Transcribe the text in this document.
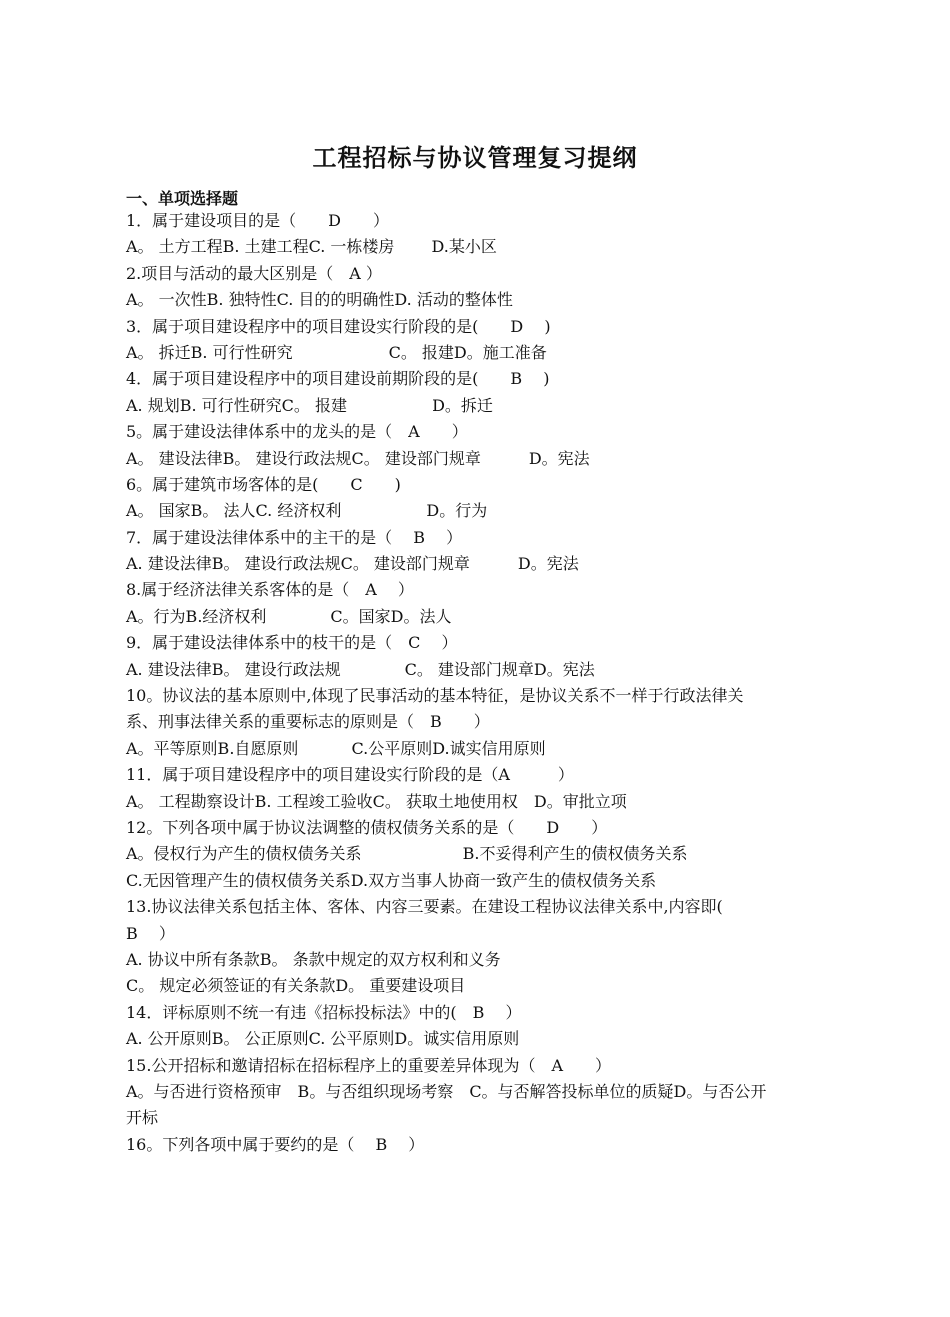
工程招标与协议管理复习提纲
一、单项选择题
1．属于建设项目的是（　　D　　）
A。 土方工程B. 土建工程C. 一栋楼房　　 D.某小区
2.项目与活动的最大区别是（　A ）
A。 一次性B. 独特性C. 目的的明确性D. 活动的整体性
3．属于项目建设程序中的项目建设实行阶段的是(　　D　 )
A。 拆迁B. 可行性研究　　　　　　C。 报建D。施工准备
4．属于项目建设程序中的项目建设前期阶段的是(　　B　 )
A. 规划B. 可行性研究C。 报建　　　　　 D。拆迁
5。属于建设法律体系中的龙头的是（　A　　）
A。 建设法律B。 建设行政法规C。 建设部门规章　　　D。宪法
6。属于建筑市场客体的是(　　C　　)
A。 国家B。 法人C. 经济权利　　　　　 D。行为
7．属于建设法律体系中的主干的是（　 B　 ）
A. 建设法律B。 建设行政法规C。 建设部门规章　　　D。宪法
8.属于经济法律关系客体的是（　A　 ）
A。行为B.经济权利　　　　C。国家D。法人
9．属于建设法律体系中的枝干的是（　C　 ）
A. 建设法律B。 建设行政法规　　　　C。 建设部门规章D。宪法
10。协议法的基本原则中,体现了民事活动的基本特征，是协议关系不一样于行政法律关
系、刑事法律关系的重要标志的原则是（　B　　）
A。平等原则B.自愿原则　　　 C.公平原则D.诚实信用原则
11．属于项目建设程序中的项目建设实行阶段的是（A　　　）
A。 工程勘察设计B. 工程竣工验收C。 获取土地使用权　D。审批立项
12。下列各项中属于协议法调整的债权债务关系的是（　　D　　）
A。侵权行为产生的债权债务关系　　　　　　 B.不妥得利产生的债权债务关系
C.无因管理产生的债权债务关系D.双方当事人协商一致产生的债权债务关系
13.协议法律关系包括主体、客体、内容三要素。在建设工程协议法律关系中,内容即(
B　 ）
A. 协议中所有条款B。 条款中规定的双方权利和义务
C。 规定必须签证的有关条款D。 重要建设项目
14．评标原则不统一有违《招标投标法》中的(　B　 ）
A. 公开原则B。 公正原则C. 公平原则D。诚实信用原则
15.公开招标和邀请招标在招标程序上的重要差异体现为（　A　　）
A。与否进行资格预审　B。与否组织现场考察　C。与否解答投标单位的质疑D。与否公开
开标
16。下列各项中属于要约的是（　 B　 ）
